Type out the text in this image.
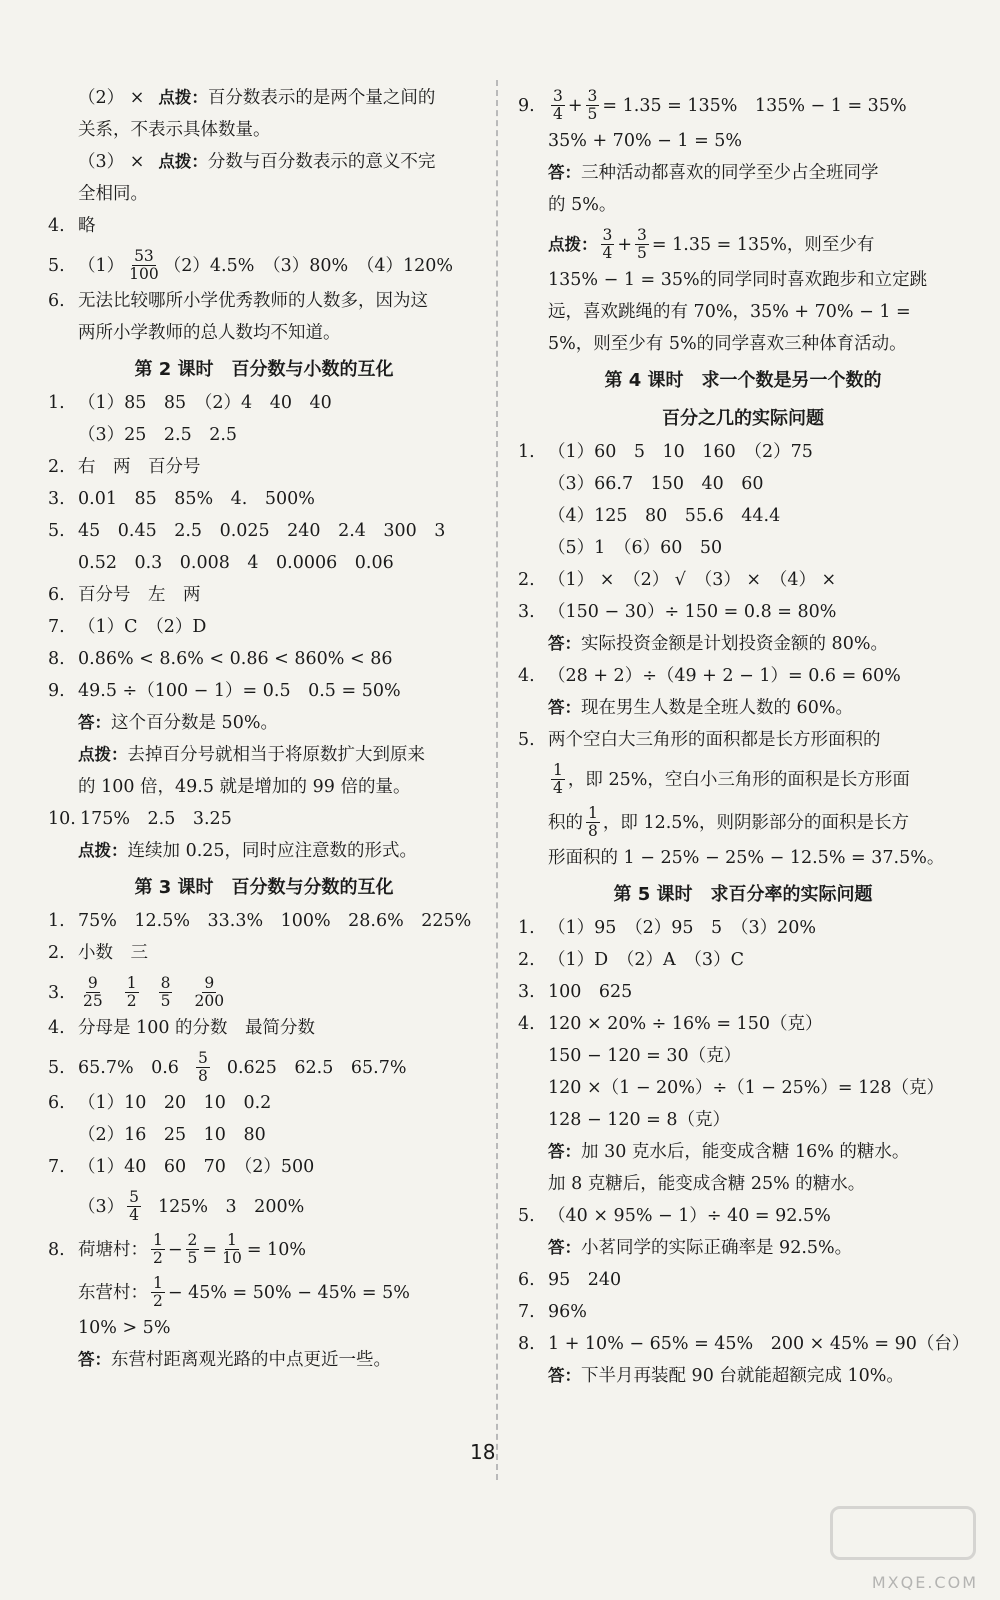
（2） × 点拨： 百分数表示的是两个量之间的
关系，不表示具体数量。
（3） × 点拨： 分数与百分数表示的意义不完
全相同。
4. 略
5. $(1) \frac{53}{100} (2)4.5\%$　（3）80%　（4）120%
6. 无法比较哪所小学优秀教师的人数多，因为这
两所小学教师的总人数均不知道。
第 2 课时　百分数与小数的互化
1. （1）85　85　（2）4　40　40
（3）25　2.5　2.5
2. 右　两　百分号
3. 0.01　85　85%　4.　500%
5. 45　0.45　2.5　0.025　240　2.4　300　3
0.52　0.3　0.008　4　0.0006　0.06
6. 百分号　左　两
7. （1）C　（2）D
8. 0.86% < 8.6% < 0.86 < 860% < 86
9. 49.5 ÷（100 − 1）= 0.5　0.5 = 50%
答： 这个百分数是 50%。
点拨： 去掉百分号就相当于将原数扩大到原来
的 100 倍，49.5 就是增加的 99 倍的量。
10. 175%　2.5　3.25
点拨： 连续加 0.25，同时应注意数的形式。
第 3 课时　百分数与分数的互化
1. 75%　12.5%　33.3%　100%　28.6%　225%
2. 小数　三
3.	$\frac{9}{25} \frac{1}{2} \frac{8}{5} \frac{9}{200}$
4. 分母是 100 的分数　最简分数
5. 65.7%　$0.6 \frac{5}{8} 0.625$　62.5　65.7%
6. （1）10　20　10　0.2
（2）16　25　10　80
7. （1）40　60　70　（2）500
$(3) \frac{5}{4} 125\%$　3　200%
8. 荷塘村： $\frac{1}{2} - \frac{2}{5} = \frac{1}{10} = 10\%$
东营村： $\frac{1}{2} - 45\% = 50\% - 45\% = 5\%$
10% > 5%
答： 东营村距离观光路的中点更近一些。
9.	$\frac{3}{4} + \frac{3}{5} = 1.35 = 135\%$　135% − 1 = 35%
35% + 70% − 1 = 5%
答： 三种活动都喜欢的同学至少占全班同学
的 5%。
点拨： $\frac{3}{4} + \frac{3}{5} = 1.35 = 135\%$，则至少有
135% − 1 = 35%的同学同时喜欢跑步和立定跳
远，喜欢跳绳的有 70%，35% + 70% − 1 =
5%，则至少有 5%的同学喜欢三种体育活动。
第 4 课时　求一个数是另一个数的
百分之几的实际问题
1. （1）60　5　10　160　（2）75
（3）66.7　150　40　60
（4）125　80　55.6　44.4
（5）1　（6）60　50
2. （1） ×　（2） √　（3） ×　（4） ×
3. （150 − 30）÷ 150 = 0.8 = 80%
答： 实际投资金额是计划投资金额的 80%。
4. （28 + 2）÷（49 + 2 − 1）= 0.6 = 60%
答： 现在男生人数是全班人数的 60%。
5. 两个空白大三角形的面积都是长方形面积的
$\frac{1}{4}$ ，即 25%，空白小三角形的面积是长方形面
积的 $\frac{1}{8}$ ，即 12.5%，则阴影部分的面积是长方
形面积的 1 − 25% − 25% − 12.5% = 37.5%。
第 5 课时　求百分率的实际问题
1. （1）95　（2）95　5　（3）20%
2. （1）D　（2）A　（3）C
3. 100　625
4. 120 × 20% ÷ 16% = 150（克）
150 − 120 = 30（克）
120 ×（1 − 20%）÷（1 − 25%）= 128（克）
128 − 120 = 8（克）
答： 加 30 克水后，能变成含糖 16% 的糖水。
加 8 克糖后，能变成含糖 25% 的糖水。
5. （40 × 95% − 1）÷ 40 = 92.5%
答： 小茗同学的实际正确率是 92.5%。
6. 95　240
7. 96%
8. 1 + 10% − 65% = 45%　200 × 45% = 90（台）
答： 下半月再装配 90 台就能超额完成 10%。
18
MXQE.COM
